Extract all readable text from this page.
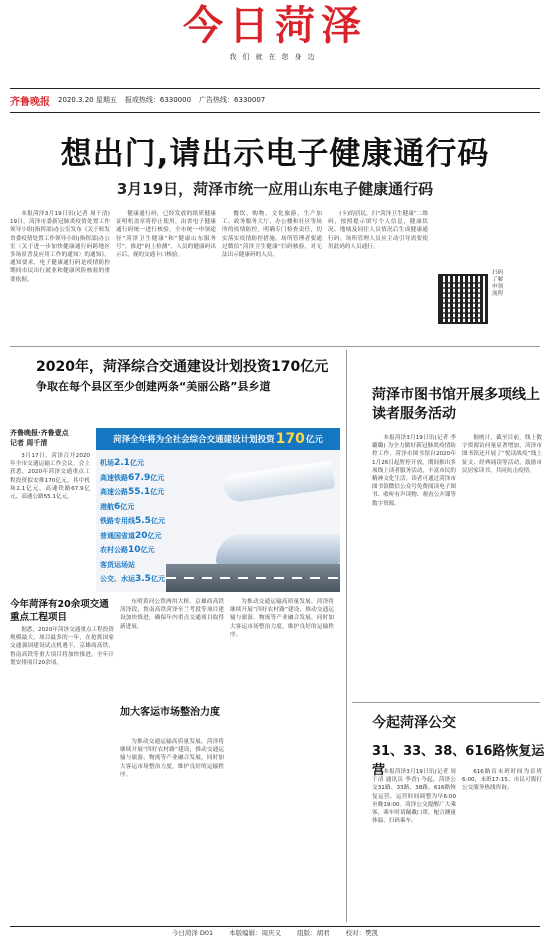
今日菏泽
我们就在您身边
齐鲁晚报 2020.3.20 星期五 报或热线：6330000 广告热线：6330007
想出门,请出示电子健康通行码
3月19日，菏泽市统一应用山东电子健康通行码

本报菏泽3月19日讯(记者 周千清) 19日，菏泽市委新冠肺炎疫情处置工作领导小组(指挥部)办公室发布《关于转发省委疫情处置工作领导小组(指挥部)办公室〈关于进一步加快健康通行码跨地区多场景普及应用工作的通知〉的通知》。通知要求，电子健康通行码是疫情防控期间市民出行就业和健康风险核验的重要依据。

健康通行码，已经发放的纸质健康证明机盖章将停止使用，由省电子健康通行码统一进行核验。全市统一申领途径“菏泽卫生健康”和“健康山东服务号”。推进“码上检测”，人员的健康码出示后，视的交通卡口核验。

餐饮、购物、文化旅游、生产加工、政务服务大厅、办公楼和社区等场所的疫情防控，明确专门检查责任，切实落实疫情防控措施。场所管理者要通过微信“菏泽卫生健康”扫码核验，对无法出示健康码的人员。

(卡)的居民，扫“菏泽卫生健康”二维码，按照提示填写个人信息，健康状况、地域及同住人员情况后生成健康通行码。场所管理人员应主动引导需要使用此码的人员通行。

扫码了解申领流程
2020年，菏泽综合交通建设计划投资170亿元
争取在每个县区至少创建两条“美丽公路”县乡道
齐鲁晚报·齐鲁壹点
记者 周千清

3月17日，菏泽召开2020年全市交通运输工作会议。会上获悉，2020年菏泽交通重点工程投资拟安排170亿元，其中机场2.1亿元、高速铁路67.9亿元、高速公路55.1亿元。

菏泽全年将为全社会综合交通建设计划投资 170 亿元
机场2.1亿元
高速铁路67.9亿元
高速公路55.1亿元
港航6亿元
铁路专用线5.5亿元
普通国省道20亿元
农村公路10亿元
客货运场站
公交、水运3.5亿元
今年菏泽有20余项交通重点工程项目

据悉，2020年菏泽交通重点工程投资规模最大、项目最多的一年，在抢抓国家交通强国建设试点机遇下，京雄商高铁、鲁南高铁等重大项目将加快推进，全年计划安排项目20余项。

东明黄河公铁两用大桥、京雄商高铁菏泽段、鲁南高铁菏泽至兰考段等项目建设加快推进，确保年内重点交通项目取得新进展。

加大客运市场整治力度

为推动交通运输高质量发展，菏泽将继续开展“四好农村路”建设，推动交通运输与旅游、物流等产业融合发展，同时加大客运市场整治力度，维护良好的运输秩序。

为推动交通运输高质量发展，菏泽将继续开展“四好农村路”建设，推动交通运输与旅游、物流等产业融合发展，同时加大客运市场整治力度，维护良好的运输秩序。

菏泽市图书馆开展多项线上读者服务活动

本报菏泽3月19日讯(记者 李璐璐) 为全力做好新冠肺炎疫情防控工作，菏泽市图书馆自2020年1月26日起暂停开放，期间推出多项线上读者服务活动，丰富市民的精神文化生活。读者可通过菏泽市图书馆微信公众号免费阅读电子图书、收听有声读物、观看公开课等数字资源。

据统计，截至目前，线上数字资源访问量显著增加，菏泽市图书馆还开展了“悦读战疫”线上征文、经典诵读等活动，鼓励市民居家读书，共同抗击疫情。

今起菏泽公交
31、33、38、616路恢复运营

本报菏泽3月19日讯(记者 周千清 通讯员 李香) 今起，菏泽公交31路、33路、38路、616路恢复运营，运营时间调整为早6:00至晚19:00。菏泽公交提醒广大乘客，乘车时请佩戴口罩，配合测量体温，扫码乘车。

616路首末班时间为首班6:00，末班17:15。市民可拨打公交服务热线咨询。

今日菏泽 D01 本版编辑：周庆义 组版：胡君 校对：樊凯
